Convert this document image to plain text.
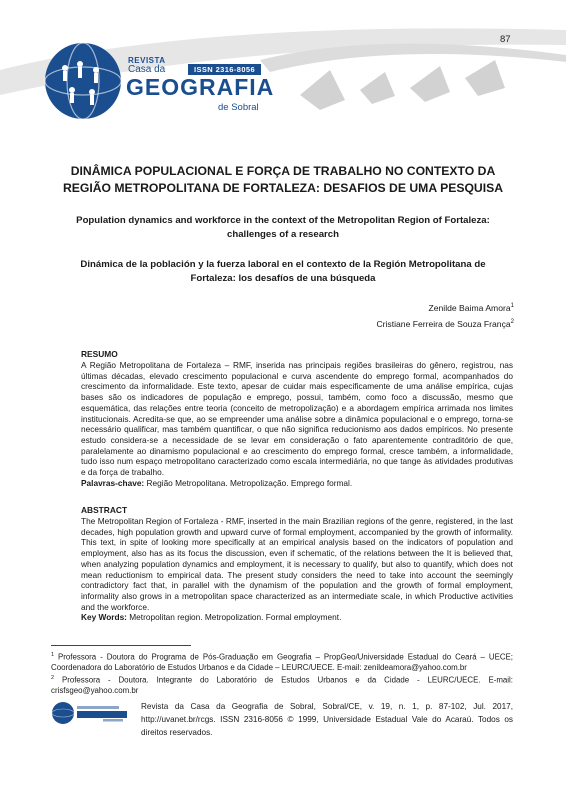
87
REVISTA
Casa da	ISSN 2316-8056
GEOGRAFIA
de Sobral

DINÂMICA POPULACIONAL E FORÇA DE TRABALHO NO CONTEXTO DA

REGIÃO METROPOLITANA DE FORTALEZA: DESAFIOS DE UMA PESQUISA

Population dynamics and workforce in the context of the Metropolitan Region of Fortaleza: challenges of a research

Dinámica de la población y la fuerza laboral en el contexto de la Región Metropolitana de Fortaleza: los desafíos de una búsqueda

Zenilde Baima Amora$^1$
Cristiane Ferreira de Souza França$^2$
RESUMO

A Região Metropolitana de Fortaleza – RMF, inserida nas principais regiões brasileiras do gênero, registrou, nas últimas décadas, elevado crescimento populacional e curva ascendente do emprego formal, acompanhados do crescimento da informalidade. Este texto, apesar de cuidar mais especificamente de uma análise empírica, cujas bases são os indicadores de população e emprego, possui, também, como foco a discussão, mesmo que esquemática, das relações entre teoria (conceito de metropolização) e a abordagem empírica arrimada nos limites institucionais. Acredita-se que, ao se empreender uma análise sobre a dinâmica populacional e o emprego, torna-se necessário qualificar, mas também quantificar, o que não significa reducionismo aos dados empíricos. No presente estudo considera-se a necessidade de se levar em consideração o fato aparentemente contraditório de que, paralelamente ao dinamismo populacional e ao crescimento do emprego formal, cresce também, a informalidade, tudo isso num espaço metropolitano caracterizado como escala intermediária, no que tange às atividades produtivas e da força de trabalho.

Palavras-chave: Região Metropolitana. Metropolização. Emprego formal.

ABSTRACT

The Metropolitan Region of Fortaleza - RMF, inserted in the main Brazilian regions of the genre, registered, in the last decades, high population growth and upward curve of formal employment, accompanied by the growth of informality. This text, in spite of looking more specifically at an empirical analysis based on the indicators of population and employment, also has as its focus the discussion, even if schematic, of the relations between the It is believed that, when analyzing population dynamics and employment, it is necessary to qualify, but also to quantify, which does not mean reductionism to empirical data. The present study considers the need to take into account the seemingly contradictory fact that, in parallel with the dynamism of the population and the growth of formal employment, informality also grows in a metropolitan space characterized as an intermediate scale, in which Productive activities and the workforce.

Key Words: Metropolitan region. Metropolization. Formal employment.

$^1$ Professora - Doutora do Programa de Pós-Graduação em Geografia – PropGeo/Universidade Estadual do Ceará – UECE; Coordenadora do Laboratório de Estudos Urbanos e da Cidade – LEURC/UECE. E-mail: zenildeamora@yahoo.com.br

$^2$ Professora - Doutora. Integrante do Laboratório de Estudos Urbanos e da Cidade - LEURC/UECE. E-mail: crisfsgeo@yahoo.com.br

Revista da Casa da Geografia de Sobral, Sobral/CE, v. 19, n. 1, p. 87-102, Jul. 2017, http://uvanet.br/rcgs. ISSN 2316-8056 © 1999, Universidade Estadual Vale do Acaraú. Todos os direitos reservados.
